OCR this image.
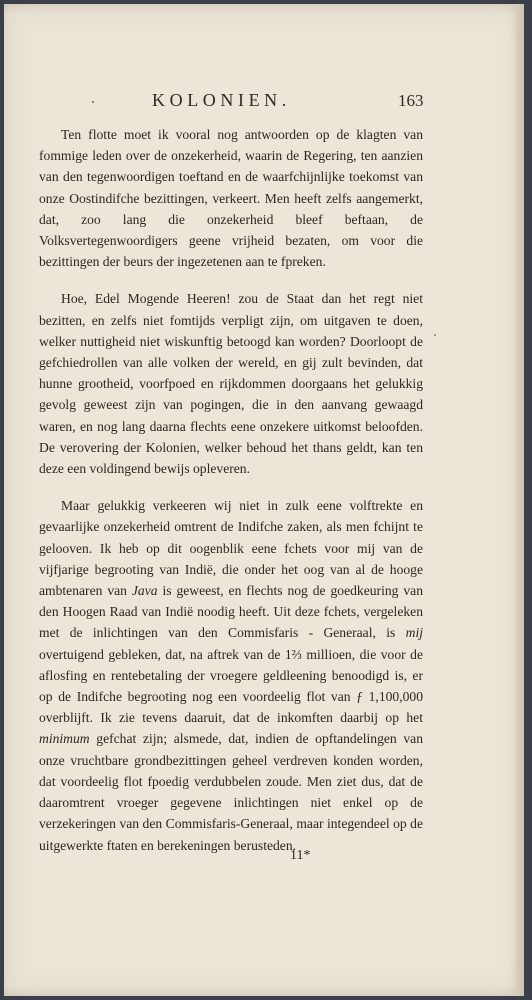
KOLONIEN.	163

Ten flotte moet ik vooral nog antwoorden op de klagten van fommige leden over de onzekerheid, waarin de Regering, ten aanzien van den tegenwoordigen toeftand en de waarfchijnlijke toekomst van onze Oostindifche bezittingen, verkeert. Men heeft zelfs aangemerkt, dat, zoo lang die onzekerheid bleef beftaan, de Volksvertegenwoordigers geene vrijheid bezaten, om voor die bezittingen der beurs der ingezetenen aan te fpreken.

Hoe, Edel Mogende Heeren! zou de Staat dan het regt niet bezitten, en zelfs niet fomtijds verpligt zijn, om uitgaven te doen, welker nuttigheid niet wiskunftig betoogd kan worden? Doorloopt de gefchiedrollen van alle volken der wereld, en gij zult bevinden, dat hunne grootheid, voorfpoed en rijkdommen doorgaans het gelukkig gevolg geweest zijn van pogingen, die in den aanvang gewaagd waren, en nog lang daarna flechts eene onzekere uitkomst beloofden. De verovering der Kolonien, welker behoud het thans geldt, kan ten deze een voldingend bewijs opleveren.

Maar gelukkig verkeeren wij niet in zulk eene volftrekte en gevaarlijke onzekerheid omtrent de Indifche zaken, als men fchijnt te gelooven. Ik heb op dit oogenblik eene fchets voor mij van de vijfjarige begrooting van Indië, die onder het oog van al de hooge ambtenaren van Java is geweest, en flechts nog de goedkeuring van den Hoogen Raad van Indië noodig heeft. Uit deze fchets, vergeleken met de inlichtingen van den Commisfaris - Generaal, is mij overtuigend gebleken, dat, na aftrek van de 1⅔ millioen, die voor de aflosfing en rentebetaling der vroegere geldleening benoodigd is, er op de Indifche begrooting nog een voordeelig flot van ƒ 1,100,000 overblijft. Ik zie tevens daaruit, dat de inkomften daarbij op het minimum gefchat zijn; alsmede, dat, indien de opftandelingen van onze vruchtbare grondbezittingen geheel verdreven konden worden, dat voordeelig flot fpoedig verdubbelen zoude. Men ziet dus, dat de daaromtrent vroeger gegevene inlichtingen niet enkel op de verzekeringen van den Commisfaris-Generaal, maar integendeel op de uitgewerkte ftaten en berekeningen berusteden.

11*
